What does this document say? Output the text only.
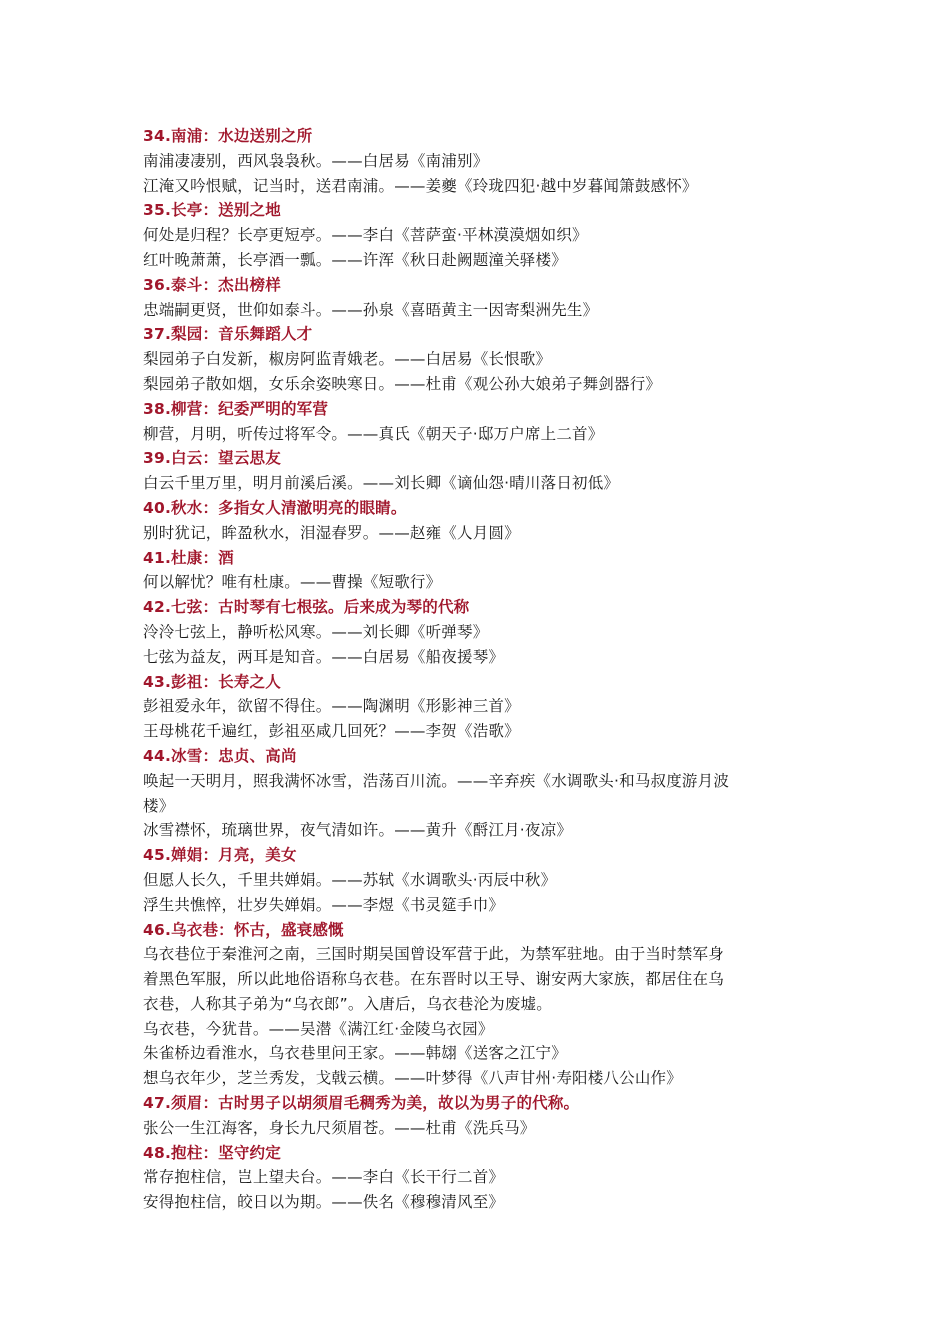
34.南浦：水边送别之所
南浦凄凄别，西风袅袅秋。——白居易《南浦别》
江淹又吟恨赋，记当时，送君南浦。——姜夔《玲珑四犯·越中岁暮闻箫鼓感怀》
35.长亭：送别之地
何处是归程？长亭更短亭。——李白《菩萨蛮·平林漠漠烟如织》
红叶晚萧萧，长亭酒一瓢。——许浑《秋日赴阙题潼关驿楼》
36.泰斗：杰出榜样
忠端嗣更贤，世仰如泰斗。——孙泉《喜晤黄主一因寄梨洲先生》
37.梨园：音乐舞蹈人才
梨园弟子白发新，椒房阿监青娥老。——白居易《长恨歌》
梨园弟子散如烟，女乐余姿映寒日。——杜甫《观公孙大娘弟子舞剑器行》
38.柳营：纪委严明的军营
柳营，月明，听传过将军令。——真氏《朝天子·邸万户席上二首》
39.白云：望云思友
白云千里万里，明月前溪后溪。——刘长卿《谪仙怨·晴川落日初低》
40.秋水：多指女人清澈明亮的眼睛。
别时犹记，眸盈秋水，泪湿春罗。——赵雍《人月圆》
41.杜康：酒
何以解忧？唯有杜康。——曹操《短歌行》
42.七弦：古时琴有七根弦。后来成为琴的代称
泠泠七弦上，静听松风寒。——刘长卿《听弹琴》
七弦为益友，两耳是知音。——白居易《船夜援琴》
43.彭祖：长寿之人
彭祖爱永年，欲留不得住。——陶渊明《形影神三首》
王母桃花千遍红，彭祖巫咸几回死？——李贺《浩歌》
44.冰雪：忠贞、高尚
唤起一天明月，照我满怀冰雪，浩荡百川流。——辛弃疾《水调歌头·和马叔度游月波
楼》
冰雪襟怀，琉璃世界，夜气清如许。——黄升《酹江月·夜凉》
45.婵娟：月亮，美女
但愿人长久，千里共婵娟。——苏轼《水调歌头·丙辰中秋》
浮生共憔悴，壮岁失婵娟。——李煜《书灵筵手巾》
46.乌衣巷：怀古，盛衰感慨
乌衣巷位于秦淮河之南，三国时期吴国曾设军营于此，为禁军驻地。由于当时禁军身
着黑色军服，所以此地俗语称乌衣巷。在东晋时以王导、谢安两大家族，都居住在乌
衣巷，人称其子弟为“乌衣郎”。入唐后，乌衣巷沦为废墟。
乌衣巷，今犹昔。——吴潜《满江红·金陵乌衣园》
朱雀桥边看淮水，乌衣巷里问王家。——韩翃《送客之江宁》
想乌衣年少，芝兰秀发，戈戟云横。——叶梦得《八声甘州·寿阳楼八公山作》
47.须眉：古时男子以胡须眉毛稠秀为美，故以为男子的代称。
张公一生江海客，身长九尺须眉苍。——杜甫《洗兵马》
48.抱柱：坚守约定
常存抱柱信，岂上望夫台。——李白《长干行二首》
安得抱柱信，皎日以为期。——佚名《穆穆清风至》
